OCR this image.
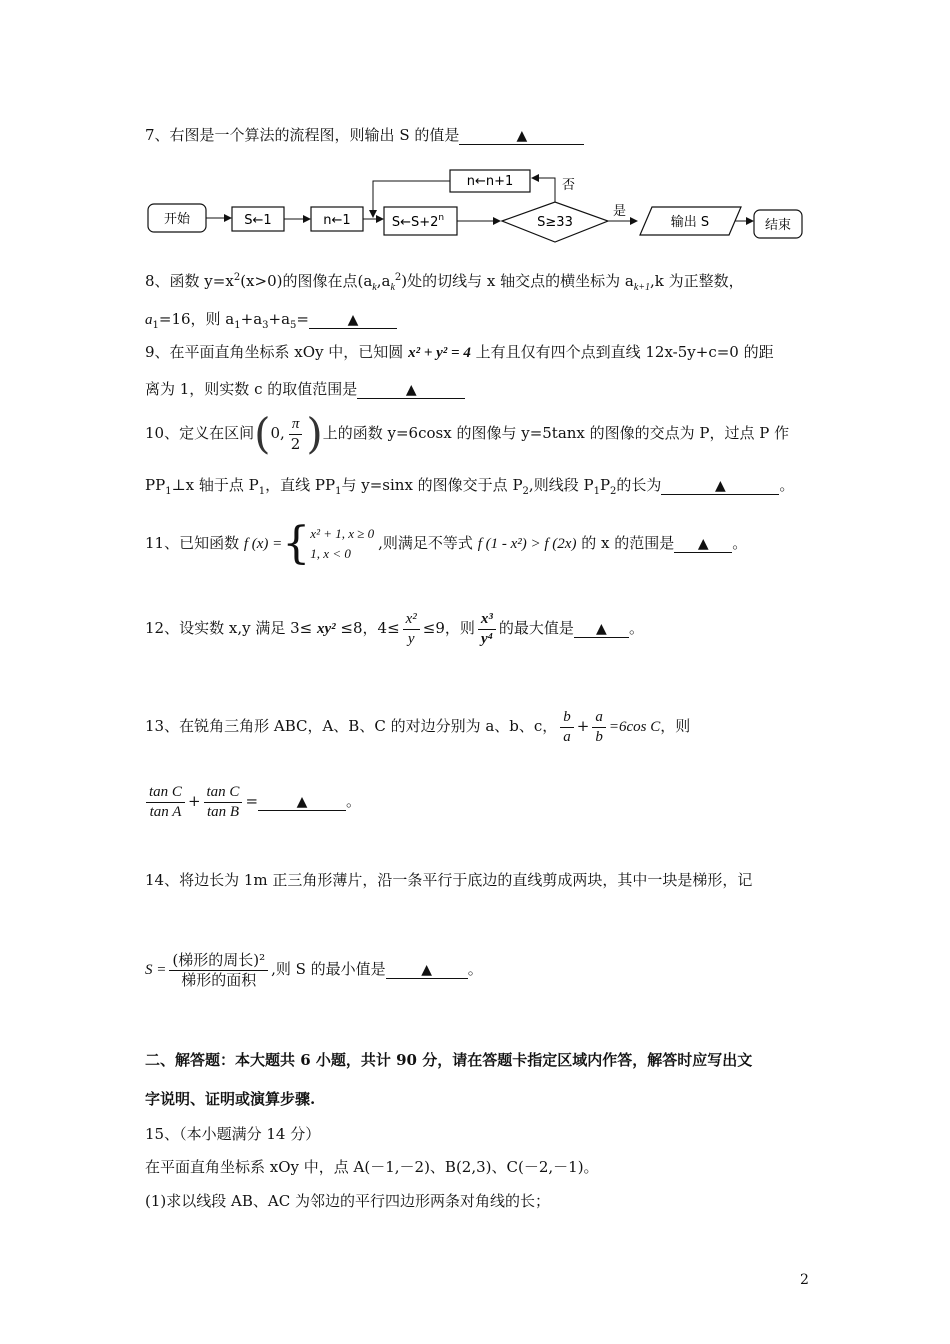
7、右图是一个算法的流程图，则输出 S 的值是	▲
开始	S←1	n←1	$S\leftarrow S+2^n$	S≥33
n←n+1	否
是
输出 S	结束
8、函数 $y=x^2(x>0)$的图像在点$(a_k,a_k^2)$处的切线与 x 轴交点的横坐标为 $a_{k+1},k$ 为正整数，
$a_1=16$，则 $a_1+a_3+a_5=$	▲
9、在平面直角坐标系 xOy 中，已知圆 x² + y² = 4 上有且仅有四个点到直线 12x-5y+c=0 的距
离为 1，则实数 c 的取值范围是	▲
10、定义在区间(0, $\frac{\pi}{2}$ )上的函数 y=6cosx 的图像与 y=5tanx 的图像的交点为 P，过点 P 作
$PP_1\perp x$ 轴于点 $P_1$，直线 $PP_1$与 y=sinx 的图像交于点 $P_2$,则线段 $P_1P_2$的长为	▲	。
11、已知函数 f (x) ={ x² + 1, x ≥ 0
1, x < 0
,则满足不等式 f (1 - x²) > f (2x) 的 x 的范围是 ▲ 。
12、设实数 x,y 满足 3≤ xy² ≤8，$4\le \frac{\text{x²}}{y} \le 9$，则 $\frac{\text{x³}}{\text{y⁴}}$ 的最大值是 ▲ 。
13、在锐角三角形 ABC，A、B、C 的对边分别为 a、b、c， $\frac{b}{a} + \frac{a}{b} =6\cos$ C，则
$\frac{\text{tan C}}{\text{tan A}} + \frac{\text{tan C}}{\text{tan B}}$ =	▲	。
14、将边长为 1m 正三角形薄片，沿一条平行于底边的直线剪成两块，其中一块是梯形，记
$S = \frac{\text{(梯形的周长)²}}{\text{梯形的面积}}$ ,则 S 的最小值是	▲ 。
二、解答题：本大题共 6 小题，共计 90 分，请在答题卡指定区域内作答，解答时应写出文
字说明、证明或演算步骤.
15、（本小题满分 14 分）
在平面直角坐标系 xOy 中，点 A(－1,－2)、B(2,3)、C(－2,－1)。
(1)求以线段 AB、AC 为邻边的平行四边形两条对角线的长；
2
